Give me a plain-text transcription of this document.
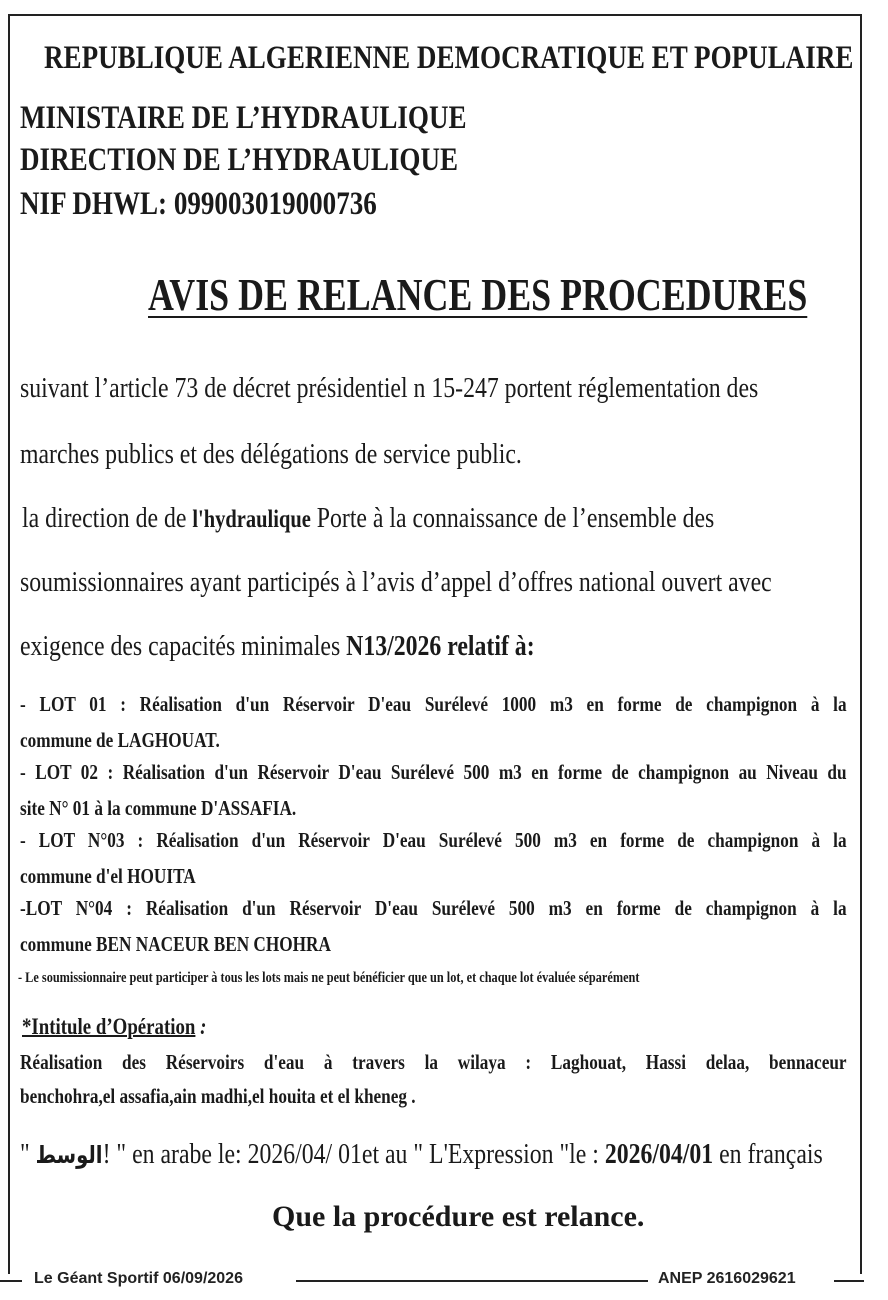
REPUBLIQUE ALGERIENNE DEMOCRATIQUE ET POPULAIRE
MINISTAIRE DE L’HYDRAULIQUE
DIRECTION DE L’HYDRAULIQUE
NIF DHWL: 099003019000736
AVIS DE RELANCE DES PROCEDURES
suivant l’article 73 de décret présidentiel n 15-247 portent réglementation des
marches publics et des délégations de service public.
la direction de de l'hydraulique Porte à la connaissance de l’ensemble des
soumissionnaires ayant participés à l’avis d’appel d’offres national ouvert avec
exigence des capacités minimales N13/2026 relatif à:
- LOT 01 : Réalisation d'un Réservoir D'eau Surélevé 1000 m3 en forme de champignon à la
commune de LAGHOUAT.
- LOT 02 : Réalisation d'un Réservoir D'eau Surélevé 500 m3 en forme de champignon au Niveau du
site N° 01 à la commune D'ASSAFIA.
- LOT N°03 : Réalisation d'un Réservoir D'eau Surélevé 500 m3 en forme de champignon à la
commune d'el HOUITA
-LOT N°04 : Réalisation d'un Réservoir D'eau Surélevé 500 m3 en forme de champignon à la
commune BEN NACEUR BEN CHOHRA
- Le soumissionnaire peut participer à tous les lots mais ne peut bénéficier que un lot, et chaque lot évaluée séparément
*Intitule d’Opération :
Réalisation des Réservoirs d'eau à travers la wilaya : Laghouat, Hassi delaa, bennaceur
benchohra,el assafia,ain madhi,el houita et el kheneg .
" الوسط! " en arabe le: 2026/04/ 01et au " L'Expression "le : 2026/04/01 en français
Que la procédure est relance.
Le Géant Sportif 06/09/2026	ANEP 2616029621
